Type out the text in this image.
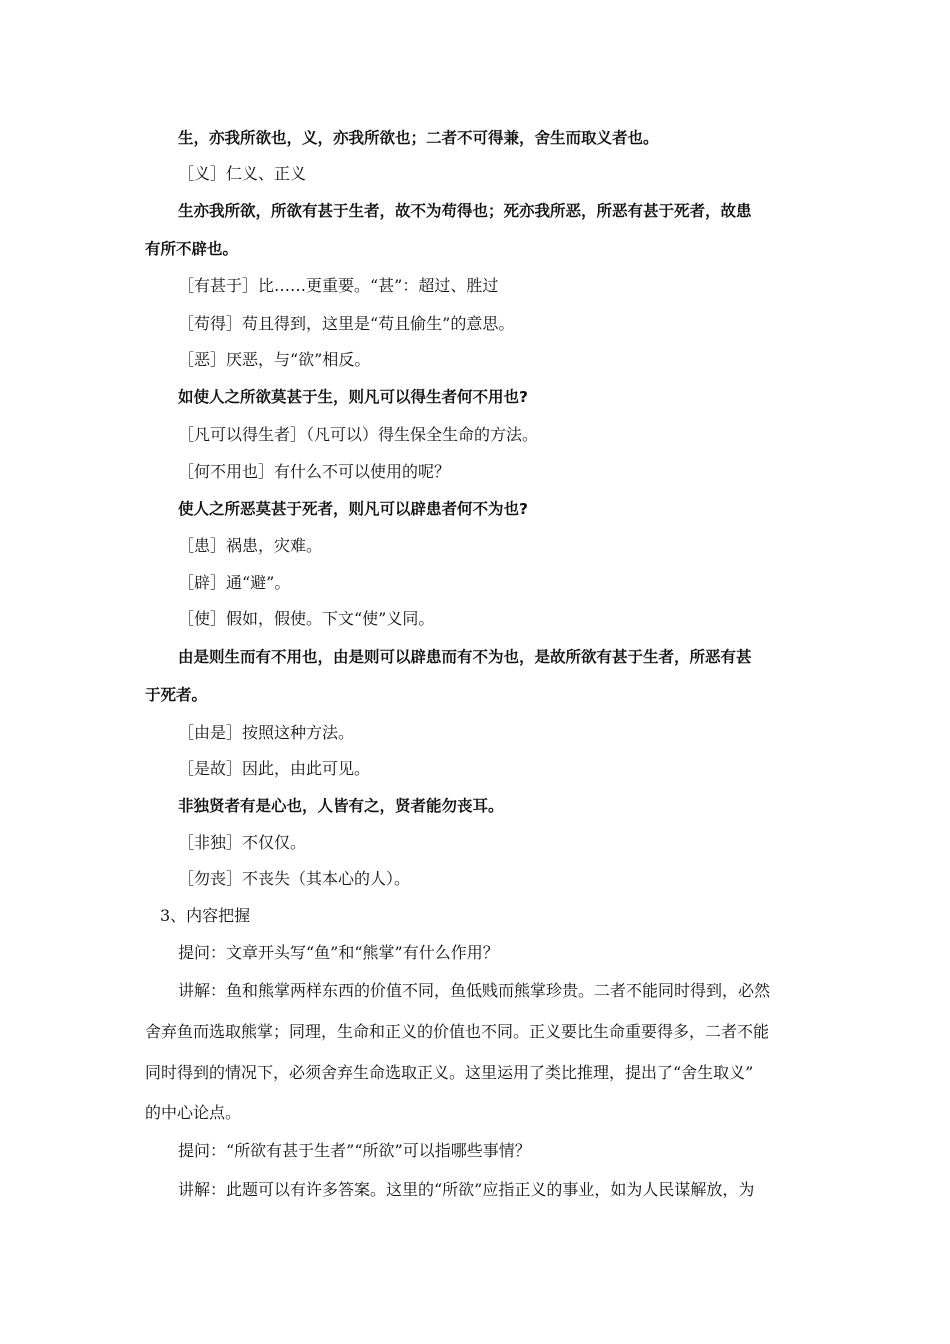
生，亦我所欲也，义，亦我所欲也；二者不可得兼，舍生而取义者也。
［义］仁义、正义
生亦我所欲，所欲有甚于生者，故不为苟得也；死亦我所恶，所恶有甚于死者，故患
有所不辟也。
［有甚于］比……更重要。“甚”：超过、胜过
［苟得］苟且得到，这里是“苟且偷生”的意思。
［恶］厌恶，与“欲”相反。
如使人之所欲莫甚于生，则凡可以得生者何不用也?
［凡可以得生者］（凡可以）得生保全生命的方法。
［何不用也］有什么不可以使用的呢？
使人之所恶莫甚于死者，则凡可以辟患者何不为也?
［患］祸患，灾难。
［辟］通“避”。
［使］假如，假使。下文“使”义同。
由是则生而有不用也，由是则可以辟患而有不为也，是故所欲有甚于生者，所恶有甚
于死者。
［由是］按照这种方法。
［是故］因此，由此可见。
非独贤者有是心也，人皆有之，贤者能勿丧耳。
［非独］不仅仅。
［勿丧］不丧失（其本心的人）。
3、内容把握
提问：文章开头写“鱼”和“熊掌”有什么作用？
讲解：鱼和熊掌两样东西的价值不同，鱼低贱而熊掌珍贵。二者不能同时得到，必然
舍弃鱼而选取熊掌；同理，生命和正义的价值也不同。正义要比生命重要得多，二者不能
同时得到的情况下，必须舍弃生命选取正义。这里运用了类比推理，提出了“舍生取义”
的中心论点。
提问：“所欲有甚于生者”“所欲”可以指哪些事情？
讲解：此题可以有许多答案。这里的“所欲”应指正义的事业，如为人民谋解放，为
